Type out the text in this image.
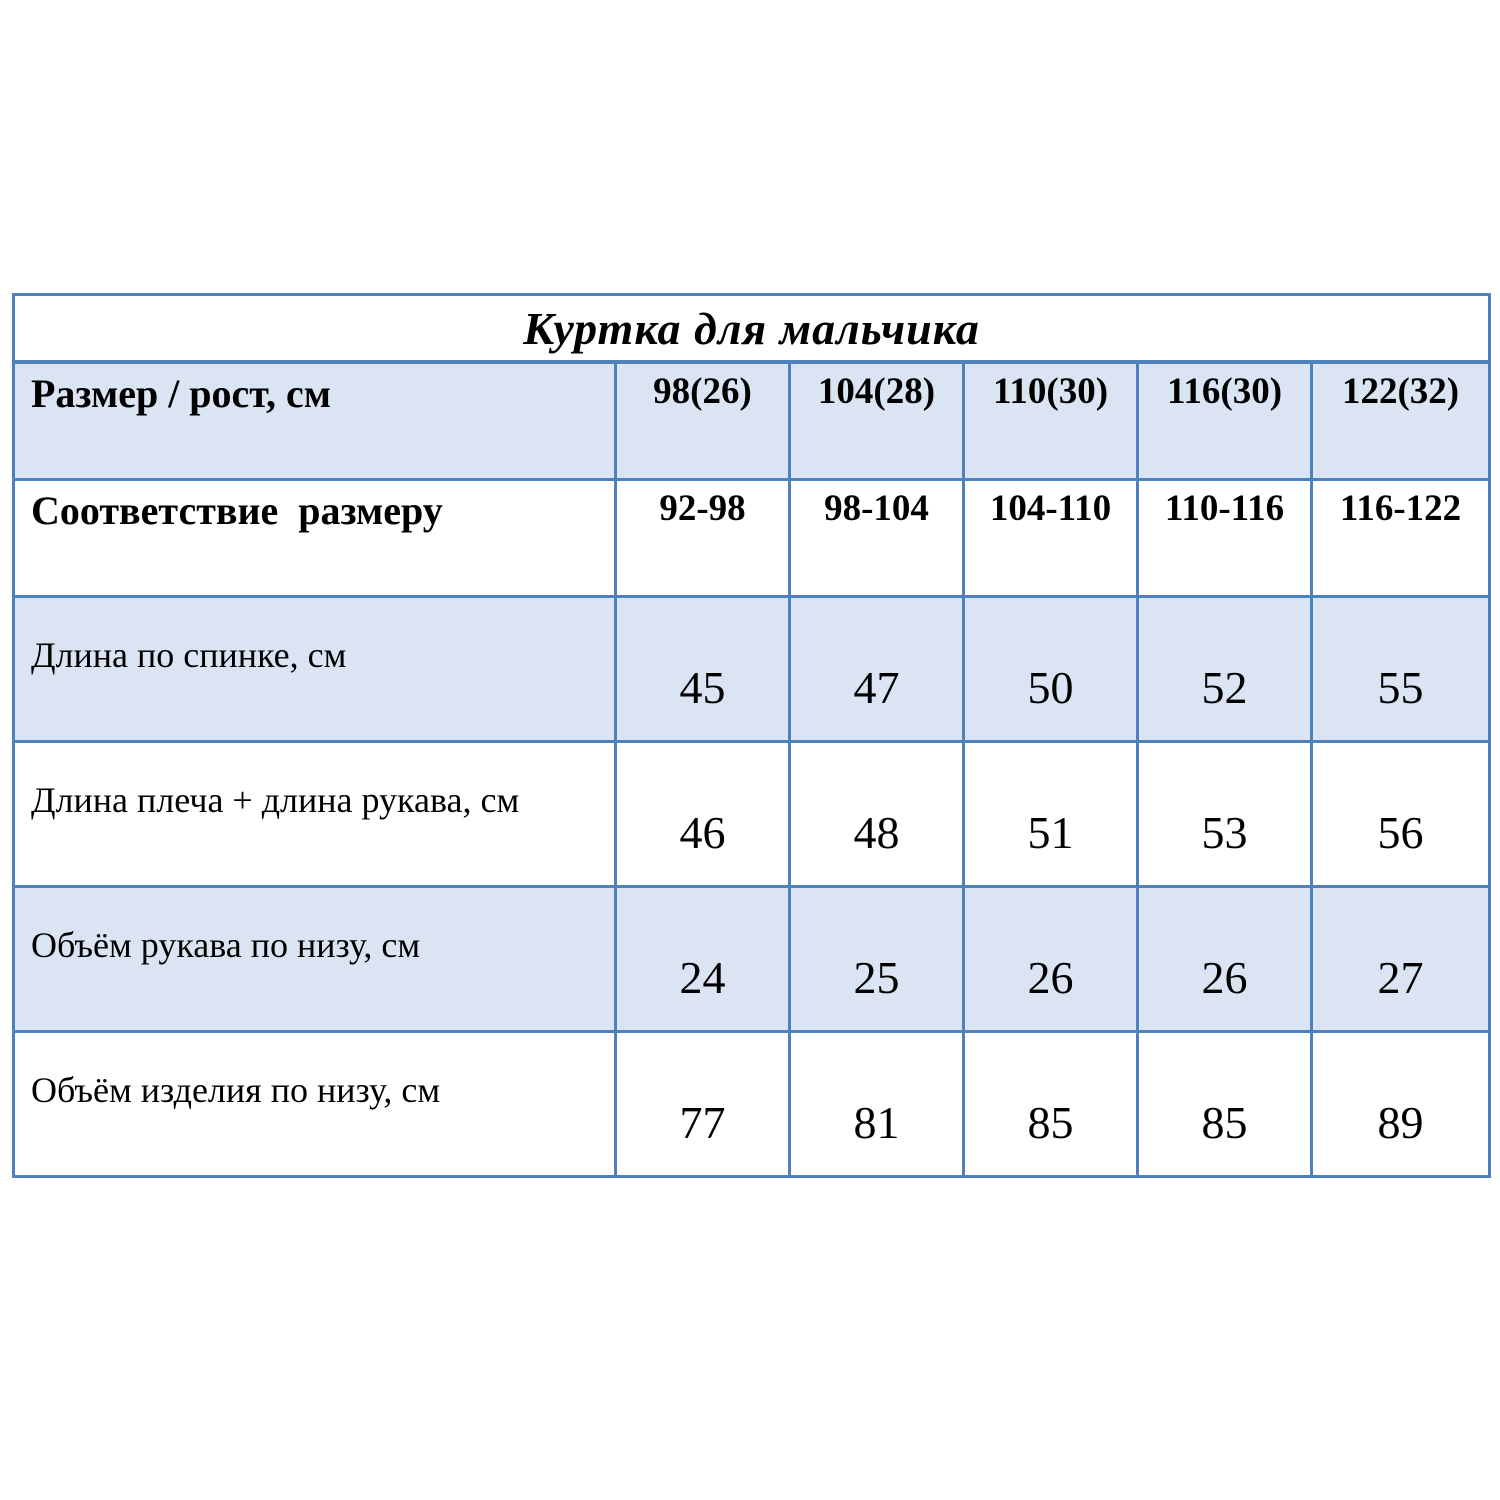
Куртка для мальчика					
Размер / рост, см	98(26)	104(28)	110(30)	116(30)	122(32)
Соответствие  размеру	92-98	98-104	104-110	110-116	116-122
Длина по спинке, см	45	47	50	52	55
Длина плеча + длина рукава, см	46	48	51	53	56
Объём рукава по низу, см	24	25	26	26	27
Объём изделия по низу, см	77	81	85	85	89
